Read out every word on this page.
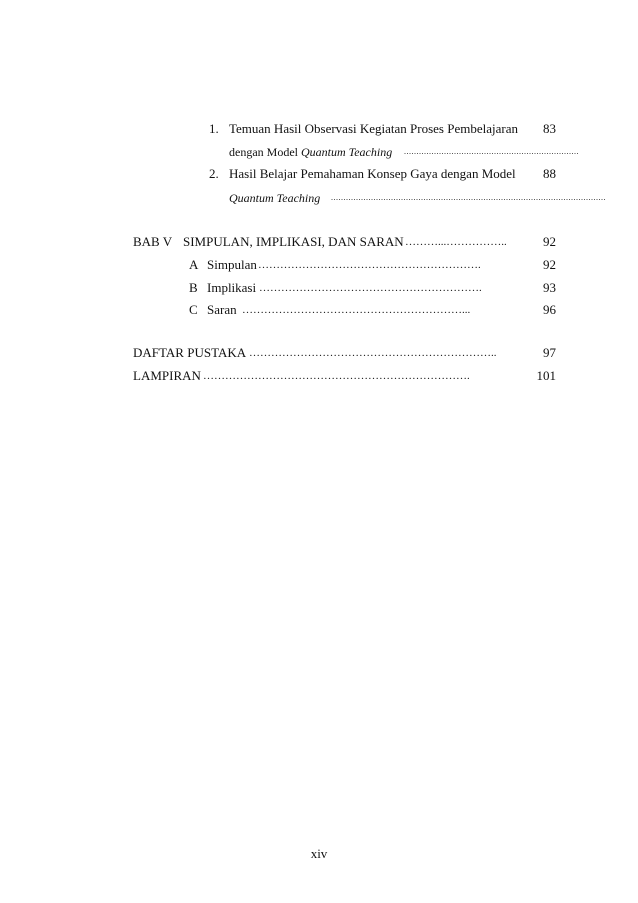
1. Temuan Hasil Observasi Kegiatan Proses Pembelajaran	83
dengan Model Quantum Teaching ......................................................................
2. Hasil Belajar Pemahaman Konsep Gaya dengan Model	88
Quantum Teaching ..............................................................................................................
BAB V SIMPULAN, IMPLIKASI, DAN SARAN ………...……………..	92
A Simpulan …………………………………………………….	92
B Implikasi …………………………………………………….	93
C Saran ……………………………………………………...	96
DAFTAR PUSTAKA …………………………………………………………..	97
LAMPIRAN ……………………………………………………………….	101
xiv
